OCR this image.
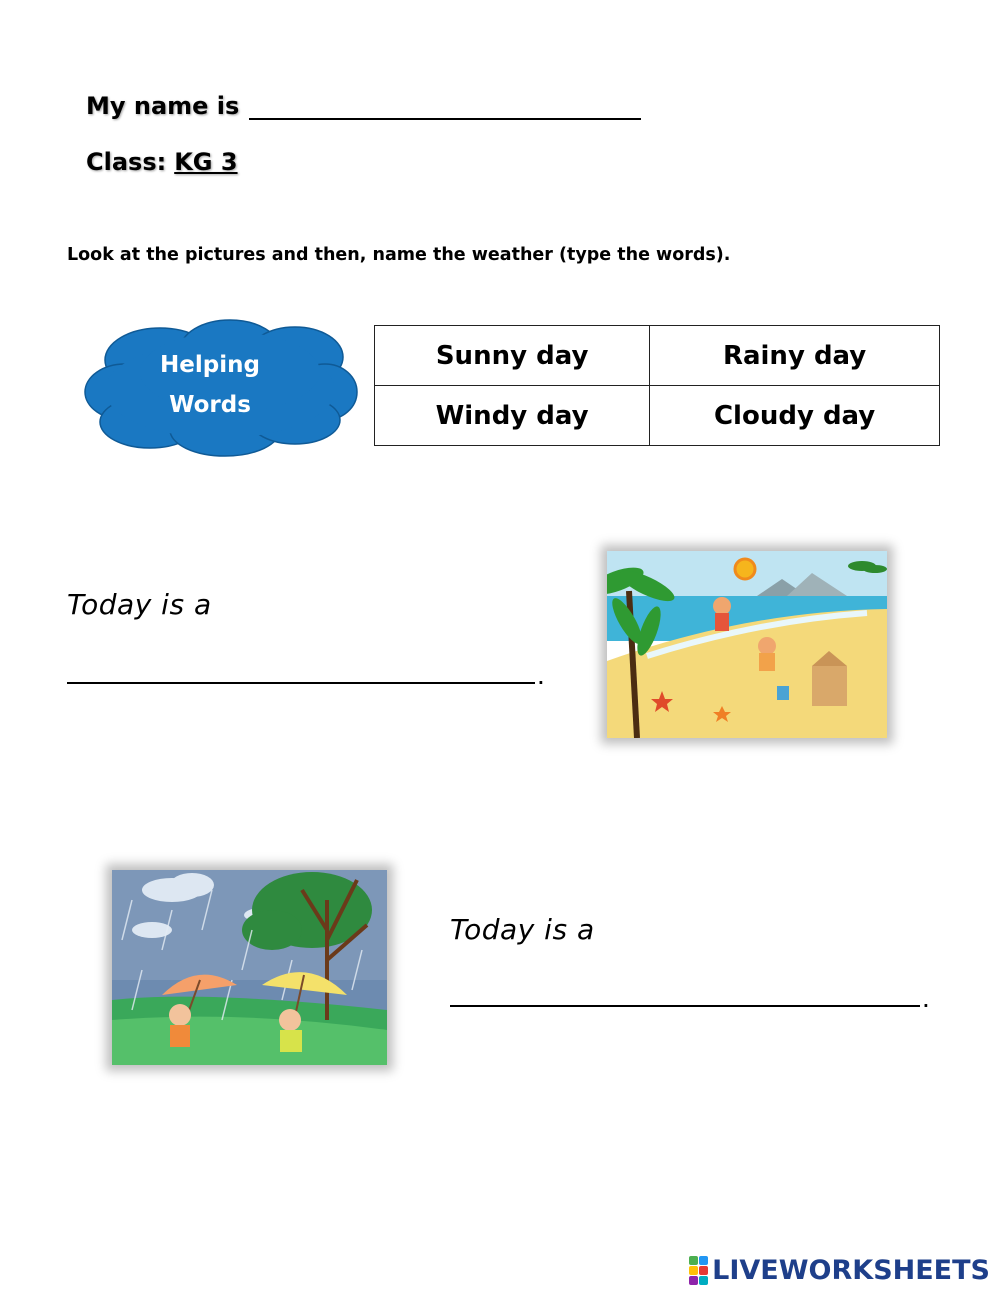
My name is
Class: KG 3
Look at the pictures and then, name the weather (type the words).
Helping
Words
Sunny day	Rainy day
Windy day	Cloudy day
Today is a
.
Today is a
.
LIVEWORKSHEETS
